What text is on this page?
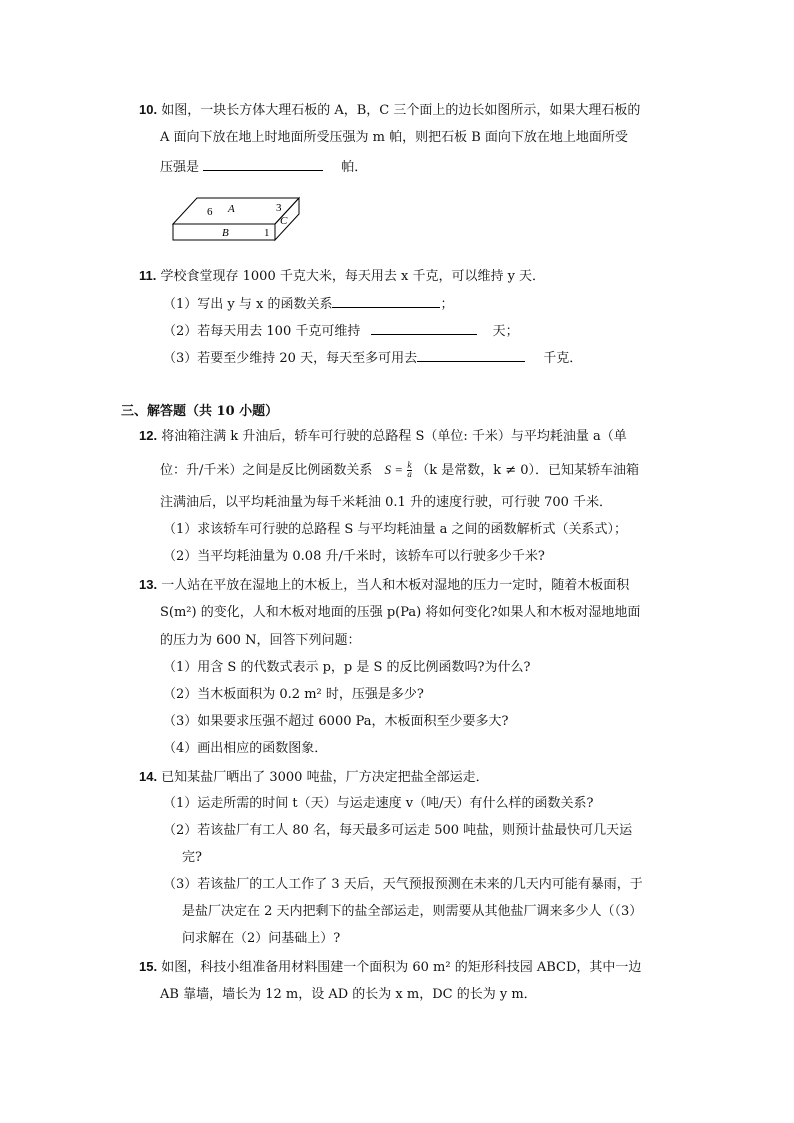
10. 如图，一块长方体大理石板的 A，B，C 三个面上的边长如图所示，如果大理石板的
A 面向下放在地上时地面所受压强为 m 帕，则把石板 B 面向下放在地上地面所受
压强是	帕．
6 A	3
C
B	1
11. 学校食堂现存 1000 千克大米，每天用去 x 千克，可以维持 y 天．
（1）写出 y 与 x 的函数关系	；
（2）若每天用去 100 千克可维持	天；
（3）若要至少维持 20 天，每天至多可用去	千克．
三、解答题（共 10 小题）
12. 将油箱注满 k 升油后，轿车可行驶的总路程 S（单位: 千米）与平均耗油量 a（单
位：升/千米）之间是反比例函数关系 $S = \frac{k}{a} (k$ 是常数，k ≠ 0）．已知某轿车油箱
注满油后，以平均耗油量为每千米耗油 0.1 升的速度行驶，可行驶 700 千米．
（1）求该轿车可行驶的总路程 S 与平均耗油量 a 之间的函数解析式（关系式）；
（2）当平均耗油量为 0.08 升/千米时，该轿车可以行驶多少千米?
13. 一人站在平放在湿地上的木板上，当人和木板对湿地的压力一定时，随着木板面积
S(m²) 的变化，人和木板对地面的压强 p(Pa) 将如何变化?如果人和木板对湿地地面
的压力为 600 N，回答下列问题：
（1）用含 S 的代数式表示 p，p 是 S 的反比例函数吗?为什么?
（2）当木板面积为 0.2 m² 时，压强是多少?
（3）如果要求压强不超过 6000 Pa，木板面积至少要多大?
（4）画出相应的函数图象．
14. 已知某盐厂晒出了 3000 吨盐，厂方决定把盐全部运走．
（1）运走所需的时间 t（天）与运走速度 v（吨/天）有什么样的函数关系?
（2）若该盐厂有工人 80 名，每天最多可运走 500 吨盐，则预计盐最快可几天运
完?
（3）若该盐厂的工人工作了 3 天后，天气预报预测在未来的几天内可能有暴雨，于
是盐厂决定在 2 天内把剩下的盐全部运走，则需要从其他盐厂调来多少人（（3）
问求解在（2）问基础上）?
15. 如图，科技小组准备用材料围建一个面积为 60 m² 的矩形科技园 ABCD，其中一边
AB 靠墙，墙长为 12 m，设 AD 的长为 x m，DC 的长为 y m．
